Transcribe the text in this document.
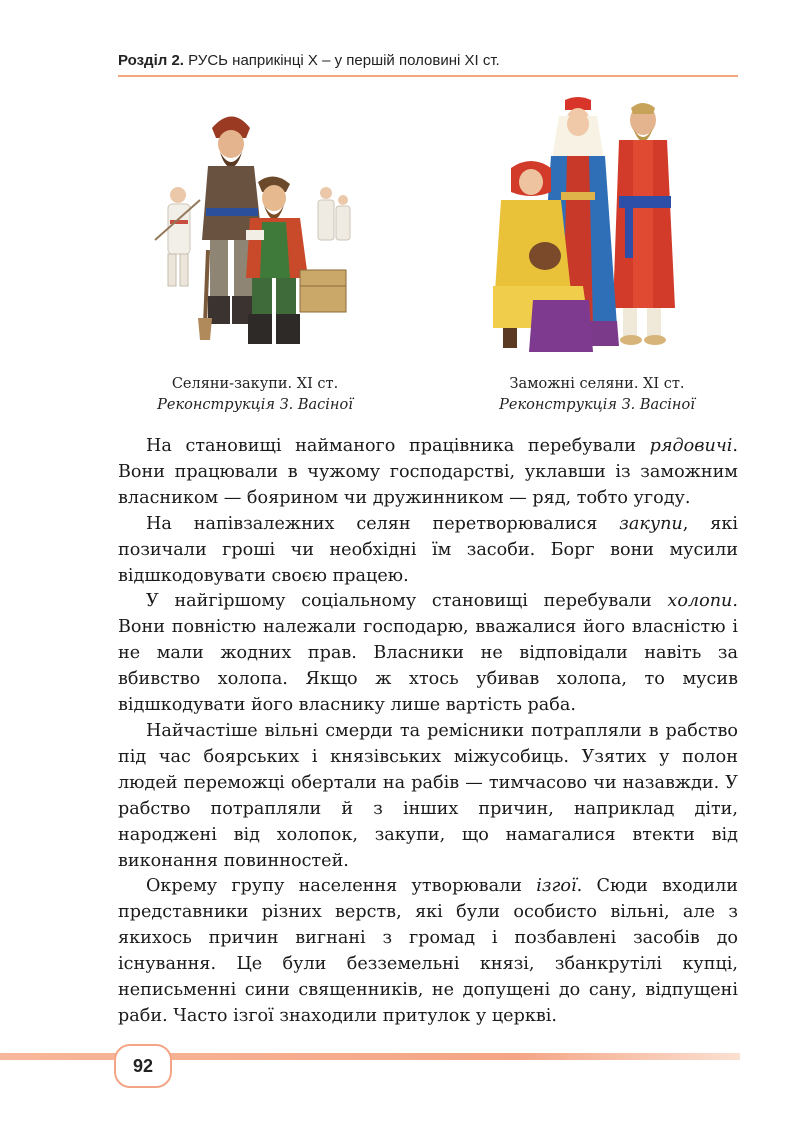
Розділ 2. РУСЬ наприкінці Х – у першій половині ХІ ст.
Селяни-закупи. ХІ ст.
Реконструкція З. Васіної
Заможні селяни. ХІ ст.
Реконструкція З. Васіної

На становищі найманого працівника перебували рядовичі. Вони працювали в чужому господарстві, уклавши із заможним власником — боярином чи дружинником — ряд, тобто угоду.

На напівзалежних селян перетворювалися закупи, які позичали гроші чи необхідні їм засоби. Борг вони мусили відшкодовувати своєю працею.

У найгіршому соціальному становищі перебували холопи. Вони повністю належали господарю, вважалися його власністю і не мали жодних прав. Власники не відповідали навіть за вбивство холопа. Якщо ж хтось убивав холопа, то мусив відшкодувати його власнику лише вартість раба.

Найчастіше вільні смерди та ремісники потрапляли в рабство під час боярських і князівських міжусобиць. Узятих у полон людей переможці обертали на рабів — тимчасово чи назавжди. У рабство потрапляли й з інших причин, наприклад діти, народжені від холопок, закупи, що намагалися втекти від виконання повинностей.

Окрему групу населення утворювали ізгої. Сюди входили представники різних верств, які були особисто вільні, але з якихось причин вигнані з громад і позбавлені засобів до існування. Це були безземельні князі, збанкрутілі купці, неписьменні сини священників, не допущені до сану, відпущені раби. Часто ізгої знаходили притулок у церкві.

92
